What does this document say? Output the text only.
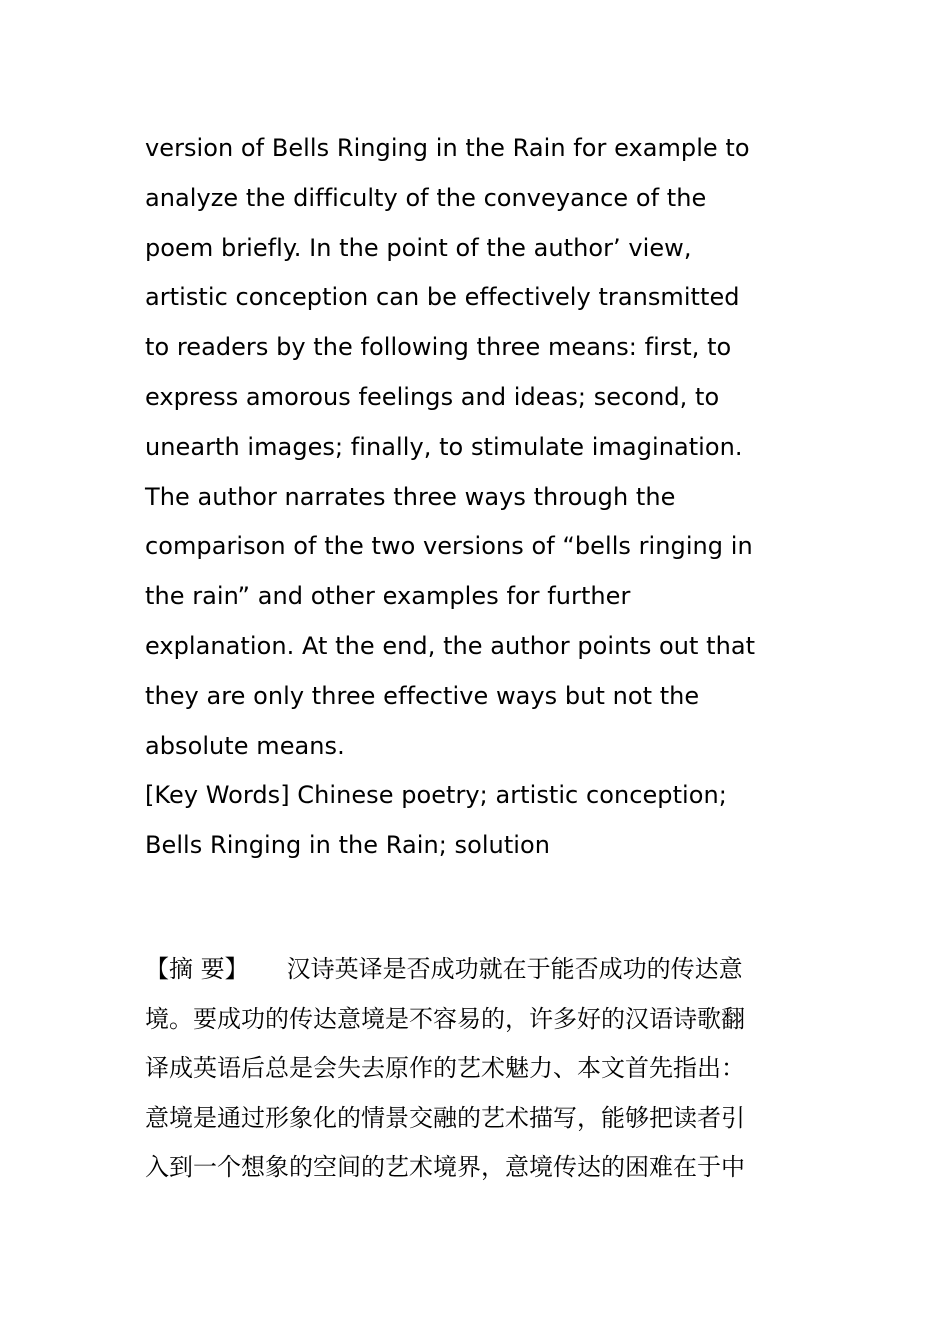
version of Bells Ringing in the Rain for example to
analyze the difficulty of the conveyance of the
poem briefly. In the point of the author’ view,
artistic conception can be effectively transmitted
to readers by the following three means: first, to
express amorous feelings and ideas; second, to
unearth images; finally, to stimulate imagination.
The author narrates three ways through the
comparison of the two versions of “bells ringing in
the rain” and other examples for further
explanation. At the end, the author points out that
they are only three effective ways but not the
absolute means.
[Key Words] Chinese poetry; artistic conception;
Bells Ringing in the Rain; solution
【摘 要】 汉诗英译是否成功就在于能否成功的传达意
境。要成功的传达意境是不容易的，许多好的汉语诗歌翻
译成英语后总是会失去原作的艺术魅力、本文首先指出：
意境是通过形象化的情景交融的艺术描写，能够把读者引
入到一个想象的空间的艺术境界，意境传达的困难在于中
